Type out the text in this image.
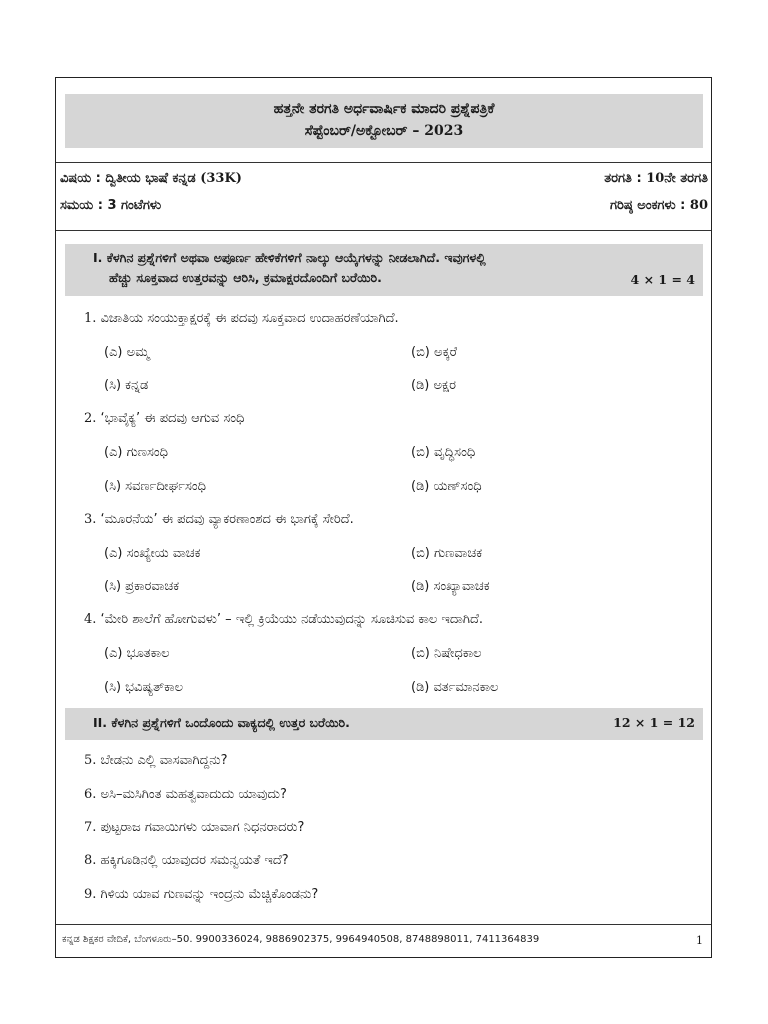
ಹತ್ತನೇ ತರಗತಿ ಅರ್ಧವಾರ್ಷಿಕ ಮಾದರಿ ಪ್ರಶ್ನೆಪತ್ರಿಕೆ
ಸೆಪ್ಟೆಂಬರ್/ಅಕ್ಟೋಬರ್ – 2023
ವಿಷಯ : ದ್ವಿತೀಯ ಭಾಷೆ ಕನ್ನಡ (33K)	ತರಗತಿ : 10ನೇ ತರಗತಿ
ಸಮಯ : 3 ಗಂಟೆಗಳು	ಗರಿಷ್ಠ ಅಂಕಗಳು : 80
I. ಕೆಳಗಿನ ಪ್ರಶ್ನೆಗಳಿಗೆ ಅಥವಾ ಅಪೂರ್ಣ ಹೇಳಿಕೆಗಳಿಗೆ ನಾಲ್ಕು ಆಯ್ಕೆಗಳನ್ನು ನೀಡಲಾಗಿದೆ. ಇವುಗಳಲ್ಲಿ
ಹೆಚ್ಚು ಸೂಕ್ತವಾದ ಉತ್ತರವನ್ನು ಆರಿಸಿ, ಕ್ರಮಾಕ್ಷರದೊಂದಿಗೆ ಬರೆಯಿರಿ.	4 × 1 = 4
1. ವಿಜಾತಿಯ ಸಂಯುಕ್ತಾಕ್ಷರಕ್ಕೆ ಈ ಪದವು ಸೂಕ್ತವಾದ ಉದಾಹರಣೆಯಾಗಿದೆ.
(ಎ) ಅಮ್ಮ	(ಬಿ) ಅಕ್ಕರೆ
(ಸಿ) ಕನ್ನಡ	(ಡಿ) ಅಕ್ಷರ
2. ‘ಭಾವೈಕ್ಯ’ ಈ ಪದವು ಆಗುವ ಸಂಧಿ
(ಎ) ಗುಣಸಂಧಿ	(ಬಿ) ವೃದ್ಧಿಸಂಧಿ
(ಸಿ) ಸವರ್ಣದೀರ್ಘಸಂಧಿ	(ಡಿ) ಯಣ್‌ಸಂಧಿ
3. ‘ಮೂರನೆಯ’ ಈ ಪದವು ವ್ಯಾಕರಣಾಂಶದ ಈ ಭಾಗಕ್ಕೆ ಸೇರಿದೆ.
(ಎ) ಸಂಖ್ಯೇಯ ವಾಚಕ	(ಬಿ) ಗುಣವಾಚಕ
(ಸಿ) ಪ್ರಕಾರವಾಚಕ	(ಡಿ) ಸಂಖ್ಯಾವಾಚಕ
4. ‘ಮೇರಿ ಶಾಲೆಗೆ ಹೋಗುವಳು’ – ಇಲ್ಲಿ ಕ್ರಿಯೆಯು ನಡೆಯುವುದನ್ನು ಸೂಚಿಸುವ ಕಾಲ ಇದಾಗಿದೆ.
(ಎ) ಭೂತಕಾಲ	(ಬಿ) ನಿಷೇಧಕಾಲ
(ಸಿ) ಭವಿಷ್ಯತ್‌ಕಾಲ	(ಡಿ) ವರ್ತಮಾನಕಾಲ
II. ಕೆಳಗಿನ ಪ್ರಶ್ನೆಗಳಿಗೆ ಒಂದೊಂದು ವಾಕ್ಯದಲ್ಲಿ ಉತ್ತರ ಬರೆಯಿರಿ.	12 × 1 = 12
5. ಬೇಡನು ಎಲ್ಲಿ ವಾಸವಾಗಿದ್ದನು?
6. ಅಸಿ–ಮಸಿಗಿಂತ ಮಹತ್ವವಾದುದು ಯಾವುದು?
7. ಪುಟ್ಟರಾಜ ಗವಾಯಿಗಳು ಯಾವಾಗ ನಿಧನರಾದರು?
8. ಹಕ್ಕಿಗೂಡಿನಲ್ಲಿ ಯಾವುದರ ಸಮನ್ವಯತೆ ಇದೆ?
9. ಗಿಳಿಯ ಯಾವ ಗುಣವನ್ನು ಇಂದ್ರನು ಮೆಚ್ಚಿಕೊಂಡನು?
ಕನ್ನಡ ಶಿಕ್ಷಕರ ವೇದಿಕೆ, ಬೆಂಗಳೂರು–50. 9900336024, 9886902375, 9964940508, 8748898011, 7411364839	1
